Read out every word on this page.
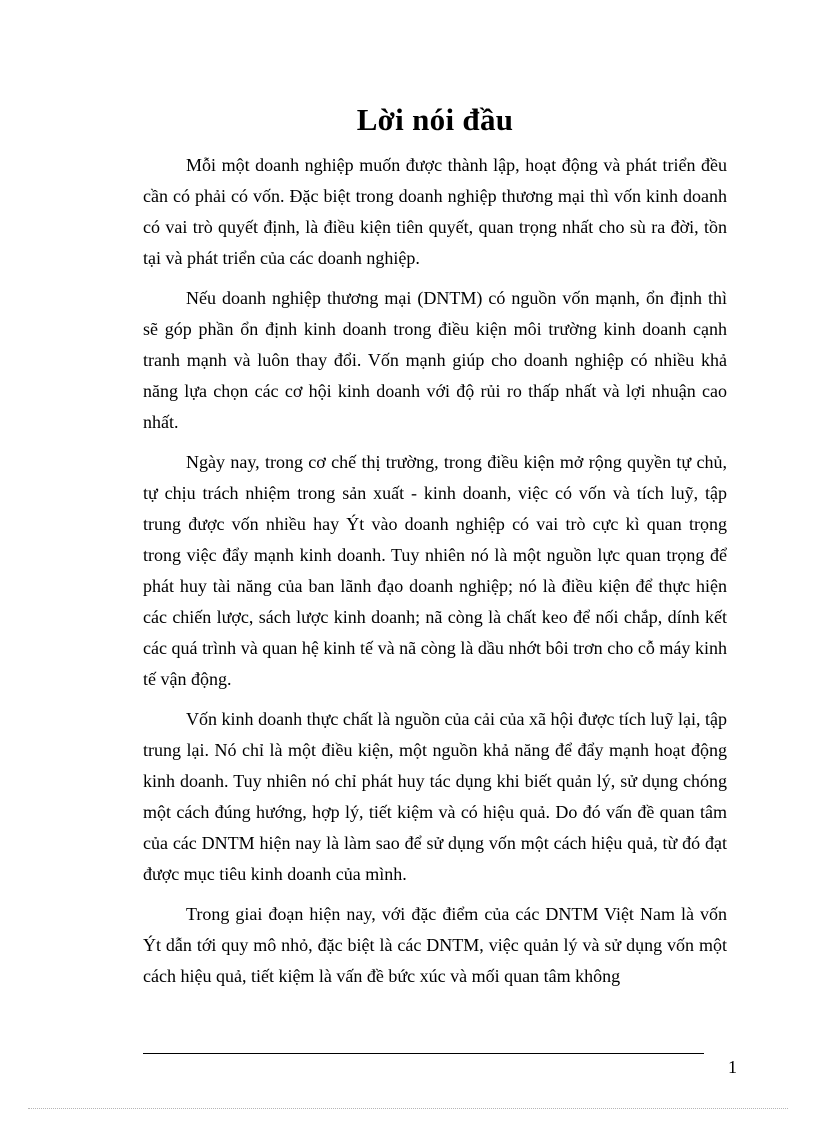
Lời nói đầu

Mỗi một doanh nghiệp muốn được thành lập, hoạt động và phát triển đều cần có phải có vốn. Đặc biệt trong doanh nghiệp thương mại thì vốn kinh doanh có vai trò quyết định, là điều kiện tiên quyết, quan trọng nhất cho sù ra đời, tồn tại và phát triển của các doanh nghiệp.

Nếu doanh nghiệp thương mại (DNTM) có nguồn vốn mạnh, ổn định thì sẽ góp phần ổn định kinh doanh trong điều kiện môi trường kinh doanh cạnh tranh mạnh và luôn thay đổi. Vốn mạnh giúp cho doanh nghiệp có nhiều khả năng lựa chọn các cơ hội kinh doanh với độ rủi ro thấp nhất và lợi nhuận cao nhất.

Ngày nay, trong cơ chế thị trường, trong điều kiện mở rộng quyền tự chủ, tự chịu trách nhiệm trong sản xuất - kinh doanh, việc có vốn và tích luỹ, tập trung được vốn nhiều hay Ýt vào doanh nghiệp có vai trò cực kì quan trọng trong việc đẩy mạnh kinh doanh. Tuy nhiên nó là một nguồn lực quan trọng để phát huy tài năng của ban lãnh đạo doanh nghiệp; nó là điều kiện để thực hiện các chiến lược, sách lược kinh doanh; nã còng là chất keo để nối chắp, dính kết các quá trình và quan hệ kinh tế và nã còng là dầu nhớt bôi trơn cho cỗ máy kinh tế vận động.

Vốn kinh doanh thực chất là nguồn của cải của xã hội được tích luỹ lại, tập trung lại. Nó chỉ là một điều kiện, một nguồn khả năng để đẩy mạnh hoạt động kinh doanh. Tuy nhiên nó chỉ phát huy tác dụng khi biết quản lý, sử dụng chóng một cách đúng hướng, hợp lý, tiết kiệm và có hiệu quả. Do đó vấn đề quan tâm của các DNTM hiện nay là làm sao để sử dụng vốn một cách hiệu quả, từ đó đạt được mục tiêu kinh doanh của mình.

Trong giai đoạn hiện nay, với đặc điểm của các DNTM Việt Nam là vốn Ýt dẫn tới quy mô nhỏ, đặc biệt là các DNTM, việc quản lý và sử dụng vốn một cách hiệu quả, tiết kiệm là vấn đề bức xúc và mối quan tâm không

1
